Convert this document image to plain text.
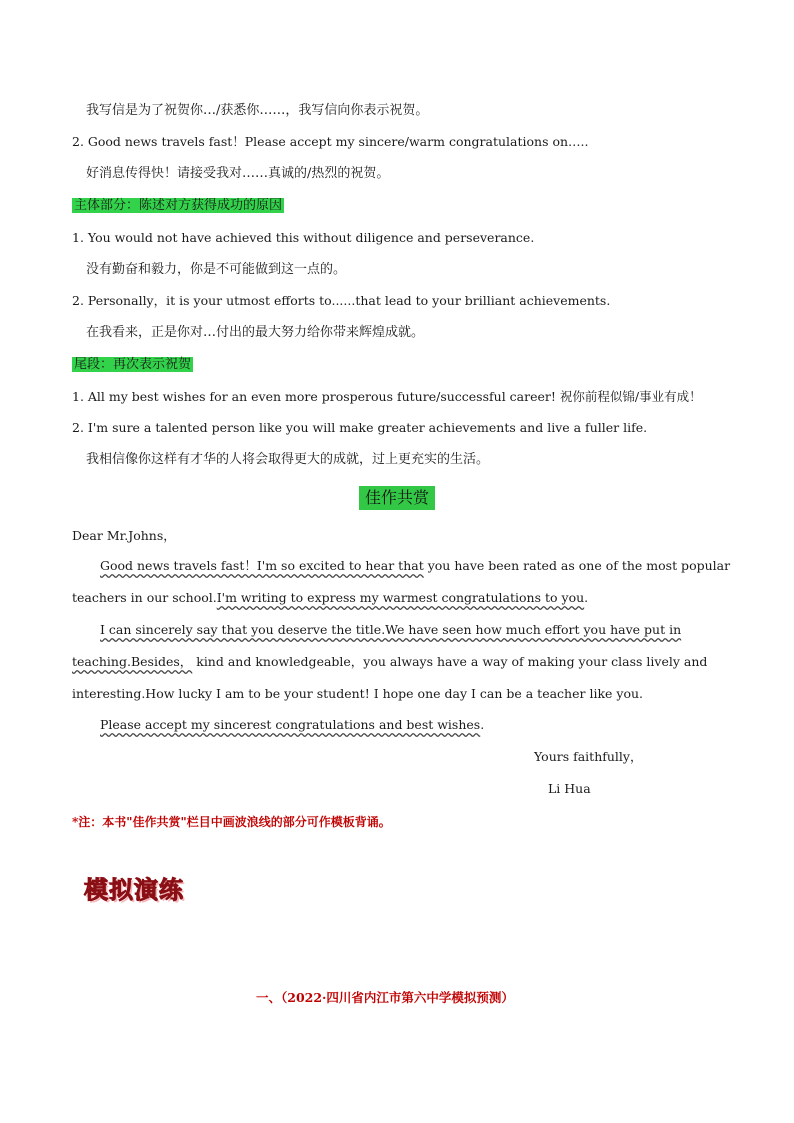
我写信是为了祝贺你…/获悉你……，我写信向你表示祝贺。
2. Good news travels fast！Please accept my sincere/warm congratulations on…..
好消息传得快！请接受我对……真诚的/热烈的祝贺。
主体部分：陈述对方获得成功的原因
1. You would not have achieved this without diligence and perseverance.
没有勤奋和毅力，你是不可能做到这一点的。
2. Personally，it is your utmost efforts to......that lead to your brilliant achievements.
在我看来，正是你对…付出的最大努力给你带来辉煌成就。
尾段：再次表示祝贺
1. All my best wishes for an even more prosperous future/successful career! 祝你前程似锦/事业有成！
2. I'm sure a talented person like you will make greater achievements and live a fuller life.
我相信像你这样有才华的人将会取得更大的成就，过上更充实的生活。
佳作共赏
Dear Mr.Johns，
Good news travels fast！I'm so excited to hear that you have been rated as one of the most popular
teachers in our school.I'm writing to express my warmest congratulations to you.
I can sincerely say that you deserve the title.We have seen how much effort you have put in
teaching.Besides， kind and knowledgeable，you always have a way of making your class lively and
interesting.How lucky I am to be your student! I hope one day I can be a teacher like you.
Please accept my sincerest congratulations and best wishes.
Yours faithfully，
Li Hua
*注：本书"佳作共赏"栏目中画波浪线的部分可作模板背诵。
模拟演练
一、（2022·四川省内江市第六中学模拟预测）
